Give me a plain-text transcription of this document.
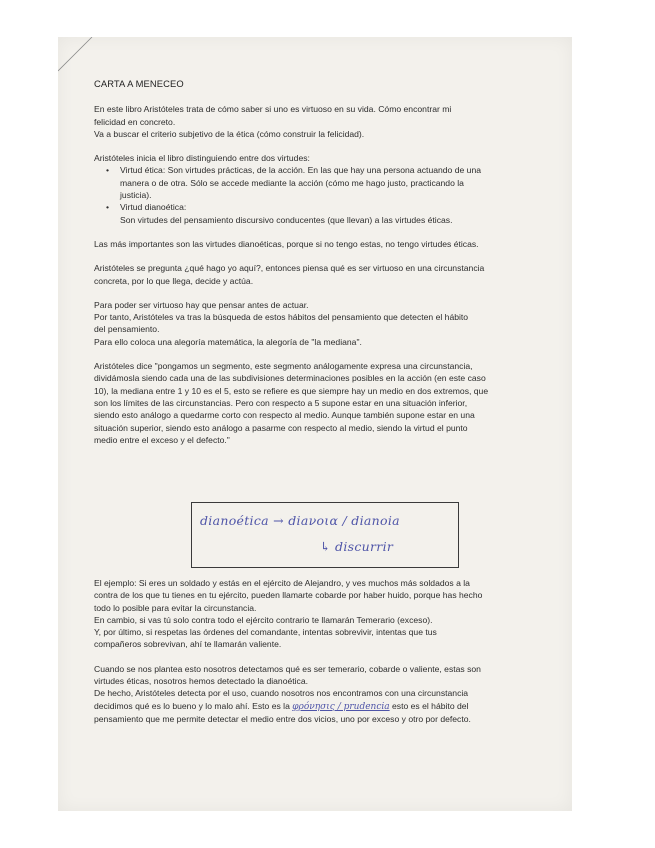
CARTA A MENECEO
En este libro Aristóteles trata de cómo saber si uno es virtuoso en su vida. Cómo encontrar mi
felicidad en concreto.
Va a buscar el criterio subjetivo de la ética (cómo construir la felicidad).
Aristóteles inicia el libro distinguiendo entre dos virtudes:
• Virtud ética: Son virtudes prácticas, de la acción. En las que hay una persona actuando de una
manera o de otra. Sólo se accede mediante la acción (cómo me hago justo, practicando la
justicia).
• Virtud dianoética:
Son virtudes del pensamiento discursivo conducentes (que llevan) a las virtudes éticas.
Las más importantes son las virtudes dianoéticas, porque si no tengo estas, no tengo virtudes éticas.
Aristóteles se pregunta ¿qué hago yo aquí?, entonces piensa qué es ser virtuoso en una circunstancia
concreta, por lo que llega, decide y actúa.
Para poder ser virtuoso hay que pensar antes de actuar.
Por tanto, Aristóteles va tras la búsqueda de estos hábitos del pensamiento que detecten el hábito
del pensamiento.
Para ello coloca una alegoría matemática, la alegoría de "la mediana".
Aristóteles dice "pongamos un segmento, este segmento análogamente expresa una circunstancia,
dividámosla siendo cada una de las subdivisiones determinaciones posibles en la acción (en este caso
10), la mediana entre 1 y 10 es el 5, esto se refiere es que siempre hay un medio en dos extremos, que
son los límites de las circunstancias. Pero con respecto a 5 supone estar en una situación inferior,
siendo esto análogo a quedarme corto con respecto al medio. Aunque también supone estar en una
situación superior, siendo esto análogo a pasarme con respecto al medio, siendo la virtud el punto
medio entre el exceso y el defecto."
dianoética → diaνοια / dianoia
↳ discurrir
El ejemplo: Si eres un soldado y estás en el ejército de Alejandro, y ves muchos más soldados a la
contra de los que tu tienes en tu ejército, pueden llamarte cobarde por haber huido, porque has hecho
todo lo posible para evitar la circunstancia.
En cambio, si vas tú solo contra todo el ejército contrario te llamarán Temerario (exceso).
Y, por último, si respetas las órdenes del comandante, intentas sobrevivir, intentas que tus
compañeros sobrevivan, ahí te llamarán valiente.
Cuando se nos plantea esto nosotros detectamos qué es ser temerario, cobarde o valiente, estas son
virtudes éticas, nosotros hemos detectado la dianoética.
De hecho, Aristóteles detecta por el uso, cuando nosotros nos encontramos con una circunstancia
decidimos qué es lo bueno y lo malo ahí. Esto es la φρόνησις / prudencia esto es el hábito del
pensamiento que me permite detectar el medio entre dos vicios, uno por exceso y otro por defecto.
